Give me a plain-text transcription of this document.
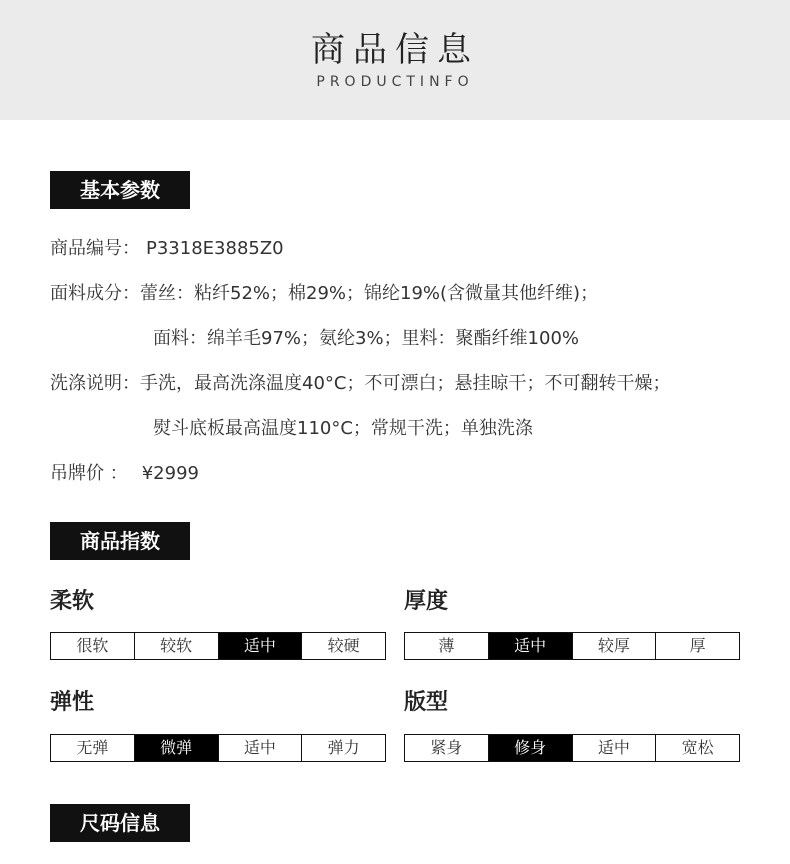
商品信息
PRODUCTINFO
基本参数
商品编号： P3318E3885Z0
面料成分：蕾丝：粘纤52%；棉29%；锦纶19%(含微量其他纤维)；
面料：绵羊毛97%；氨纶3%；里料：聚酯纤维100%
洗涤说明：手洗，最高洗涤温度40°C；不可漂白；悬挂晾干；不可翻转干燥；
熨斗底板最高温度110°C；常规干洗；单独洗涤
吊牌价 ： ¥2999
商品指数
柔软
很软	较软	适中	较硬
厚度
薄	适中	较厚	厚
弹性
无弹	微弹	适中	弹力
版型
紧身	修身	适中	宽松
尺码信息
